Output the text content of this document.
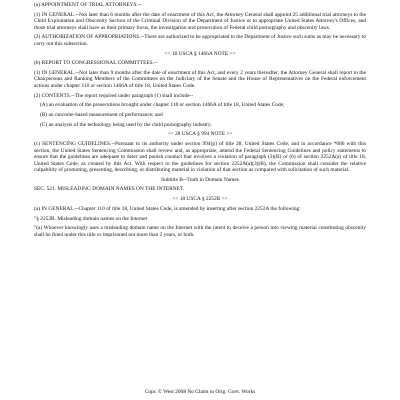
(a) APPOINTMENT OF TRIAL ATTORNEYS.--

(1) IN GENERAL.--Not later than 6 months after the date of enactment of this Act, the Attorney General shall appoint 25 additional trial attorneys to the Child Exploitation and Obscenity Section of the Criminal Division of the Department of Justice or to appropriate United States Attorney's Offices, and those trial attorneys shall have as their primary focus, the investigation and prosecution of Federal child pornography and obscenity laws.

(2) AUTHORIZATION OF APPROPRIATIONS.--There are authorized to be appropriated to the Department of Justice such sums as may be necessary to carry out this subsection.

<< 18 USCA § 1466A NOTE >>

(b) REPORT TO CONGRESSIONAL COMMITTEES.--

(1) IN GENERAL.--Not later than 9 months after the date of enactment of this Act, and every 2 years thereafter, the Attorney General shall report to the Chairpersons and Ranking Members of the Committees on the Judiciary of the Senate and the House of Representatives on the Federal enforcement actions under chapter 110 or section 1466A of title 18, United States Code.

(2) CONTENTS.--The report required under paragraph (1) shall include--

(A) an evaluation of the prosecutions brought under chapter 110 or section 1466A of title 18, United States Code;

(B) an outcome-based measurement of performance; and

(C) an analysis of the technology being used by the child pornography industry.

<< 28 USCA § 994 NOTE >>

(c) SENTENCING GUIDELINES.--Pursuant to its authority under section 994(p) of title 28, United States Code, and in accordance *686 with this section, the United States Sentencing Commission shall review and, as appropriate, amend the Federal Sentencing Guidelines and policy statements to ensure that the guidelines are adequate to deter and punish conduct that involves a violation of paragraph (3)(B) or (6) of section 2252A(a) of title 18, United States Code, as created by this Act. With respect to the guidelines for section 2252A(a)(3)(B), the Commission shall consider the relative culpability of promoting, presenting, describing, or distributing material in violation of that section as compared with solicitation of such material.

Subtitle B--Truth in Domain Names

SEC. 521. MISLEADING DOMAIN NAMES ON THE INTERNET.

<< 18 USCA § 2252B >>

(a) IN GENERAL.--Chapter 110 of title 18, United States Code, is amended by inserting after section 2252A the following:

"§ 2252B. Misleading domain names on the Internet

"(a) Whoever knowingly uses a misleading domain name on the Internet with the intent to deceive a person into viewing material constituting obscenity shall be fined under this title or imprisoned not more than 2 years, or both.

Copr. © West 2008 No Claim to Orig. Govt. Works
